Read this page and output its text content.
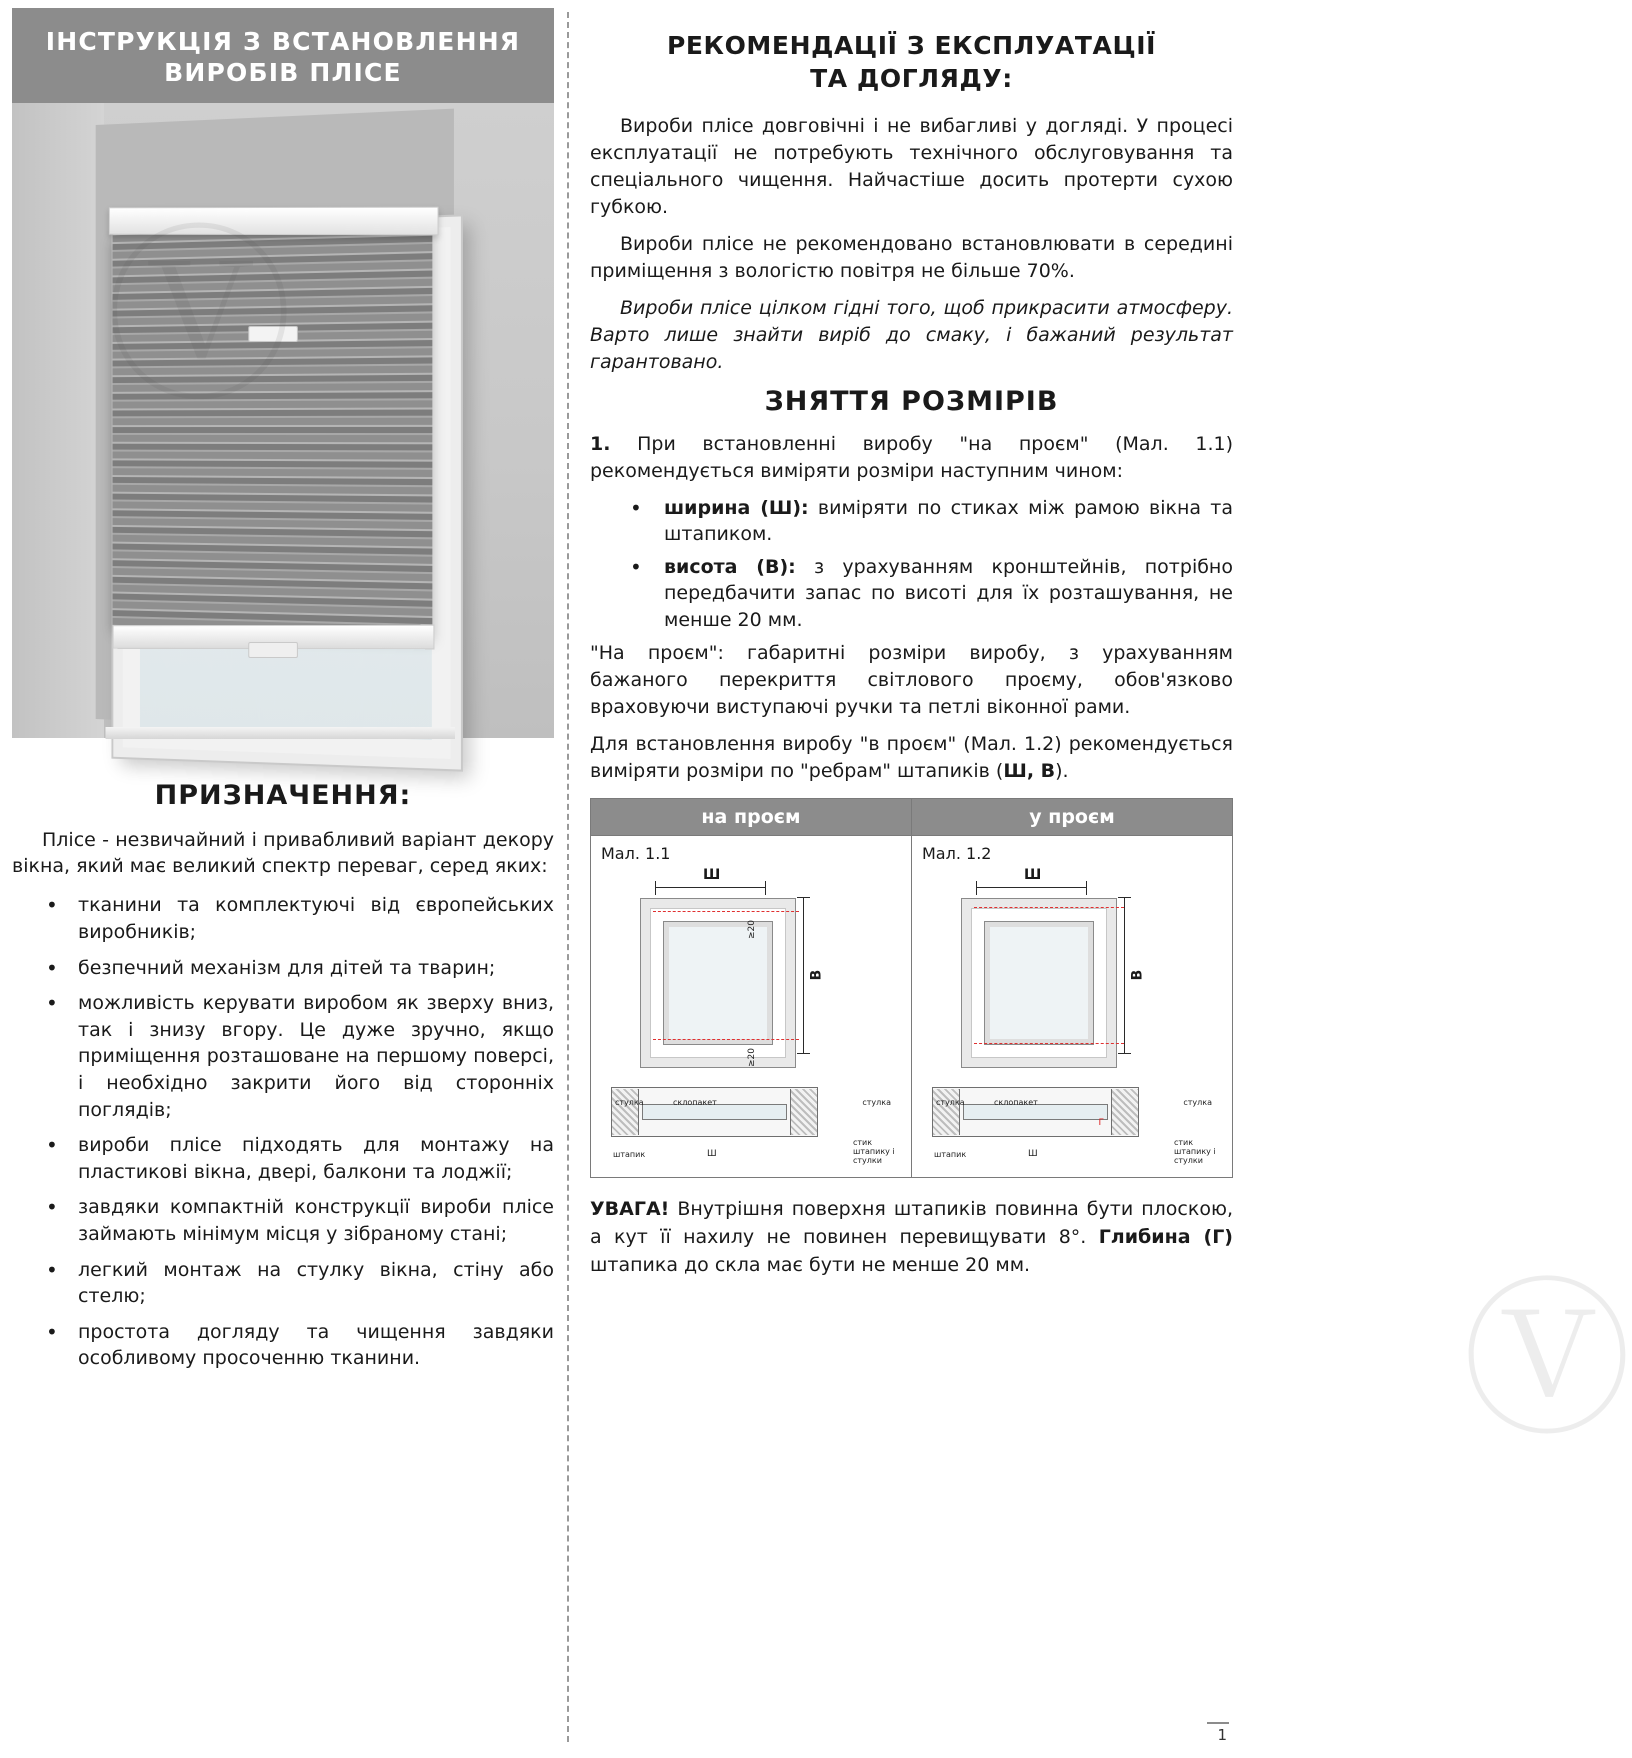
ІНСТРУКЦІЯ З ВСТАНОВЛЕННЯ
ВИРОБІВ ПЛІСЕ
ПРИЗНАЧЕННЯ:

Пліcе - незвичайний і привабливий варіант декору вікна, який має великий спектр переваг, серед яких:

• тканини та комплектуючі від європейських виробників;
• безпечний механізм для дітей та тварин;
• можливість керувати виробом як зверху вниз, так і знизу вгору. Це дуже зручно, якщо приміщення розташоване на першому поверсі, і необхідно закрити його від сторонніх поглядів;
• вироби пліcе підходять для монтажу на пластикові вікна, двері, балкони та лоджії;
• завдяки компактній конструкції вироби пліcе займають мінімум місця у зібраному стані;
• легкий монтаж на стулку вікна, стіну або стелю;
• простота догляду та чищення завдяки особливому просоченню тканини.
РЕКОМЕНДАЦІЇ З ЕКСПЛУАТАЦІЇ
ТА ДОГЛЯДУ:

Вироби пліcе довговічні і не вибагливі у догляді. У процесі експлуатації не потребують технічного обслуговування та спеціального чищення. Найчастіше досить протерти сухою губкою.

Вироби пліcе не рекомендовано встановлювати в середині приміщення з вологістю повітря не більше 70%.

Вироби пліcе цілком гідні того, щоб прикрасити атмосферу. Варто лише знайти виріб до смаку, і бажаний результат гарантовано.

ЗНЯТТЯ РОЗМІРІВ

1. При встановленні виробу "на проєм" (Мал. 1.1) рекомендується виміряти розміри наступним чином:

• ширина (Ш): виміряти по стиках між рамою вікна та штапиком.
• висота (В): з урахуванням кронштейнів, потрібно передбачити запас по висоті для їх розташування, не менше 20 мм.

"На проєм": габаритні розміри виробу, з урахуванням бажаного перекриття світлового проєму, обов'язково враховуючи виступаючі ручки та петлі віконної рами.

Для встановлення виробу "в проєм" (Мал. 1.2) рекомендується виміряти розміри по "ребрам" штапиків (Ш, В).

на проєм
Мал. 1.1
Ш
В
≥20
≥20
стулка	склопакет	стулка
штапик	Ш
стик штапику і стулки
у проєм
Мал. 1.2
Ш
В
Г
стулка	склопакет	стулка
штапик	Ш
стик штапику і стулки

УВАГА! Внутрішня поверхня штапиків повинна бути плоскою, а кут її нахилу не повинен перевищувати 8°. Глибина (Г) штапика до скла має бути не менше 20 мм.	Ⓥ
1
